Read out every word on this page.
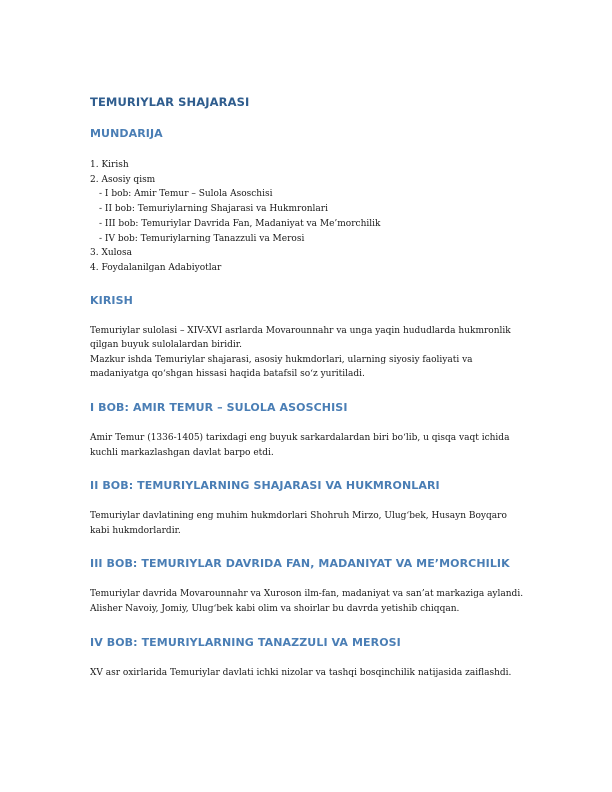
TEMURIYLAR SHAJARASI
MUNDARIJA
1. Kirish
2. Asosiy qism
- I bob: Amir Temur – Sulola Asoschisi
- II bob: Temuriylarning Shajarasi va Hukmronlari
- III bob: Temuriylar Davrida Fan, Madaniyat va Me’morchilik
- IV bob: Temuriylarning Tanazzuli va Merosi
3. Xulosa
4. Foydalanilgan Adabiyotlar
KIRISH

Temuriylar sulolasi – XIV-XVI asrlarda Movarounnahr va unga yaqin hududlarda hukmronlik

qilgan buyuk sulolalardan biridir.

Mazkur ishda Temuriylar shajarasi, asosiy hukmdorlari, ularning siyosiy faoliyati va

madaniyatga qo‘shgan hissasi haqida batafsil so‘z yuritiladi.

I BOB: AMIR TEMUR – SULOLA ASOSCHISI

Amir Temur (1336-1405) tarixdagi eng buyuk sarkardalardan biri bo‘lib, u qisqa vaqt ichida

kuchli markazlashgan davlat barpo etdi.

II BOB: TEMURIYLARNING SHAJARASI VA HUKMRONLARI

Temuriylar davlatining eng muhim hukmdorlari Shohruh Mirzo, Ulug‘bek, Husayn Boyqaro

kabi hukmdorlardir.

III BOB: TEMURIYLAR DAVRIDA FAN, MADANIYAT VA ME’MORCHILIK

Temuriylar davrida Movarounnahr va Xuroson ilm-fan, madaniyat va san’at markaziga aylandi.

Alisher Navoiy, Jomiy, Ulug‘bek kabi olim va shoirlar bu davrda yetishib chiqqan.

IV BOB: TEMURIYLARNING TANAZZULI VA MEROSI

XV asr oxirlarida Temuriylar davlati ichki nizolar va tashqi bosqinchilik natijasida zaiflashdi.
